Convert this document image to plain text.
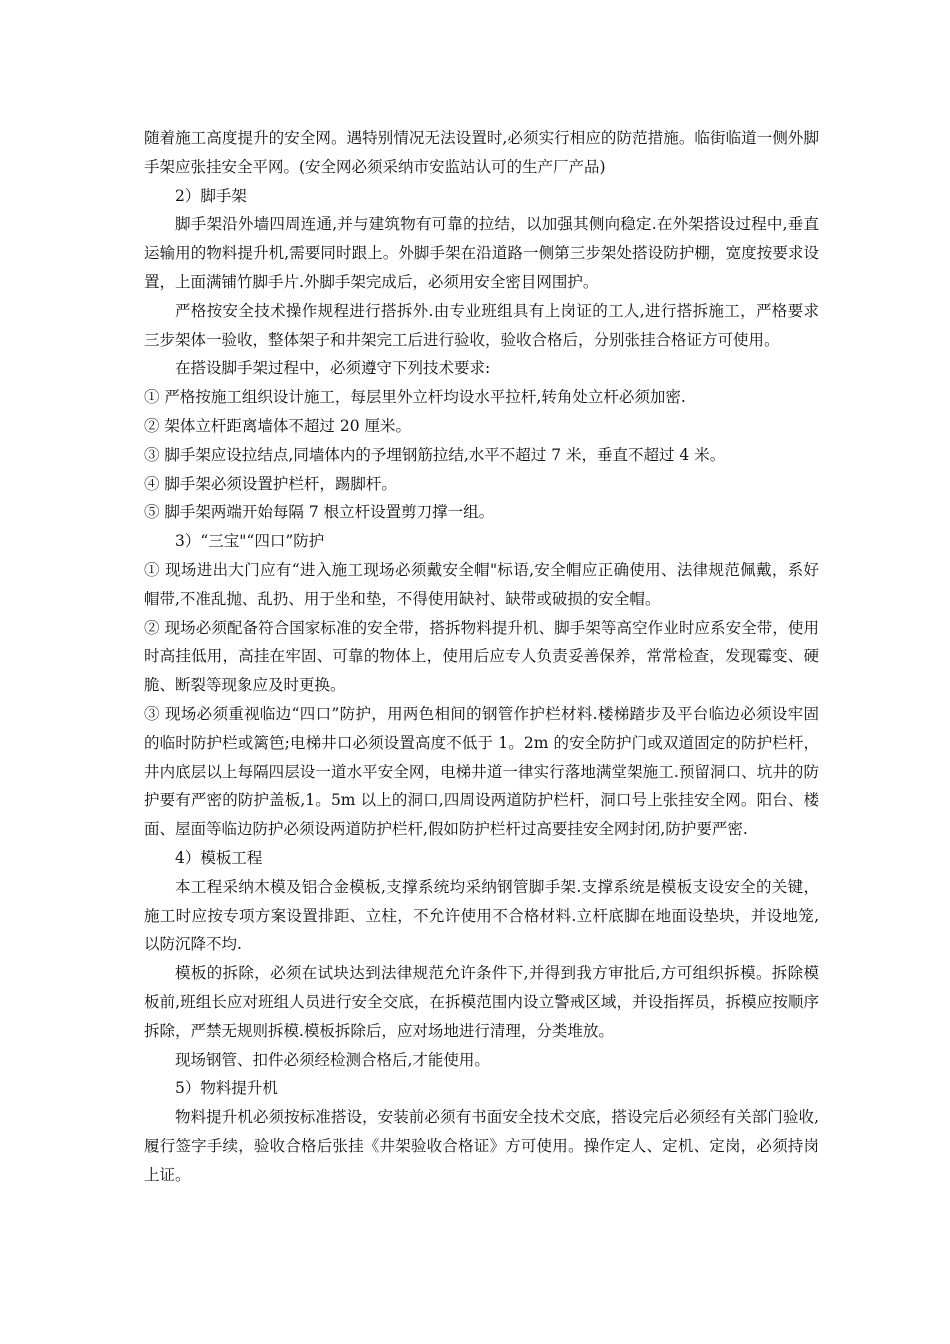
随着施工高度提升的安全网。遇特别情况无法设置时,必须实行相应的防范措施。临街临道一侧外脚手架应张挂安全平网。(安全网必须采纳市安监站认可的生产厂产品)

2）脚手架

脚手架沿外墙四周连通,并与建筑物有可靠的拉结，以加强其侧向稳定.在外架搭设过程中,垂直运输用的物料提升机,需要同时跟上。外脚手架在沿道路一侧第三步架处搭设防护棚，宽度按要求设置，上面满铺竹脚手片.外脚手架完成后，必须用安全密目网围护。

严格按安全技术操作规程进行搭拆外.由专业班组具有上岗证的工人,进行搭拆施工，严格要求三步架体一验收，整体架子和井架完工后进行验收，验收合格后，分别张挂合格证方可使用。

在搭设脚手架过程中，必须遵守下列技术要求:

① 严格按施工组织设计施工，每层里外立杆均设水平拉杆,转角处立杆必须加密.

② 架体立杆距离墙体不超过 20 厘米。

③ 脚手架应设拉结点,同墙体内的予埋钢筋拉结,水平不超过 7 米，垂直不超过 4 米。

④ 脚手架必须设置护栏杆，踢脚杆。

⑤ 脚手架两端开始每隔 7 根立杆设置剪刀撑一组。

3）“三宝"“四口”防护

① 现场进出大门应有“进入施工现场必须戴安全帽"标语,安全帽应正确使用、法律规范佩戴，系好帽带,不准乱抛、乱扔、用于坐和垫，不得使用缺衬、缺带或破损的安全帽。

② 现场必须配备符合国家标准的安全带，搭拆物料提升机、脚手架等高空作业时应系安全带，使用时高挂低用，高挂在牢固、可靠的物体上，使用后应专人负责妥善保养，常常检查，发现霉变、硬脆、断裂等现象应及时更换。

③ 现场必须重视临边“四口”防护，用两色相间的钢管作护栏材料.楼梯踏步及平台临边必须设牢固的临时防护栏或篱笆;电梯井口必须设置高度不低于 1。2m 的安全防护门或双道固定的防护栏杆，井内底层以上每隔四层设一道水平安全网，电梯井道一律实行落地满堂架施工.预留洞口、坑井的防护要有严密的防护盖板,1。5m 以上的洞口,四周设两道防护栏杆，洞口号上张挂安全网。阳台、楼面、屋面等临边防护必须设两道防护栏杆,假如防护栏杆过高要挂安全网封闭,防护要严密.

4）模板工程

本工程采纳木模及铝合金模板,支撑系统均采纳钢管脚手架.支撑系统是模板支设安全的关键，施工时应按专项方案设置排距、立柱，不允许使用不合格材料.立杆底脚在地面设垫块，并设地笼,以防沉降不均.

模板的拆除，必须在试块达到法律规范允许条件下,并得到我方审批后,方可组织拆模。拆除模板前,班组长应对班组人员进行安全交底，在拆模范围内设立警戒区域，并设指挥员，拆模应按顺序拆除，严禁无规则拆模.模板拆除后，应对场地进行清理，分类堆放。

现场钢管、扣件必须经检测合格后,才能使用。

5）物料提升机

物料提升机必须按标准搭设，安装前必须有书面安全技术交底，搭设完后必须经有关部门验收,履行签字手续，验收合格后张挂《井架验收合格证》方可使用。操作定人、定机、定岗，必须持岗上证。
